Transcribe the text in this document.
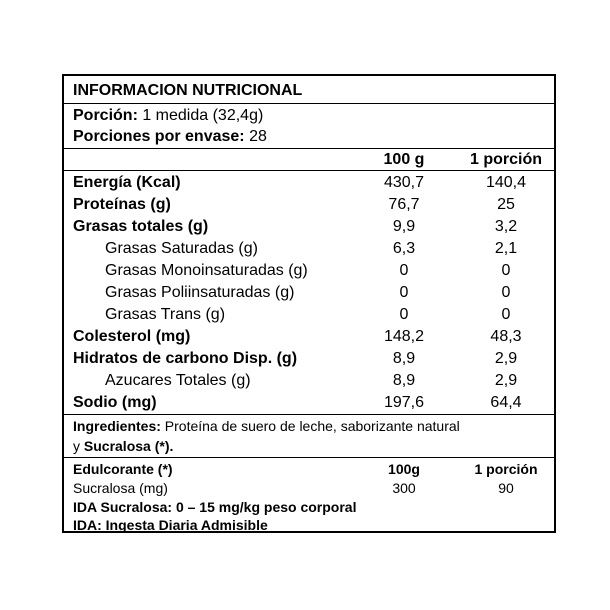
INFORMACION NUTRICIONAL
Porción: 1 medida (32,4g)
Porciones por envase: 28
100 g	1 porción
Energía (Kcal)	430,7	140,4
Proteínas (g)	76,7	25
Grasas totales (g)	9,9	3,2
Grasas Saturadas (g)	6,3	2,1
Grasas Monoinsaturadas (g)	0	0
Grasas Poliinsaturadas (g)	0	0
Grasas Trans (g)	0	0
Colesterol (mg)	148,2	48,3
Hidratos de carbono Disp. (g)	8,9	2,9
Azucares Totales (g)	8,9	2,9
Sodio (mg)	197,6	64,4
Ingredientes: Proteína de suero de leche, saborizante natural
y Sucralosa (*).
Edulcorante (*)	100g	1 porción
Sucralosa (mg)	300	90
IDA Sucralosa: 0 – 15 mg/kg peso corporal
IDA: Ingesta Diaria Admisible
